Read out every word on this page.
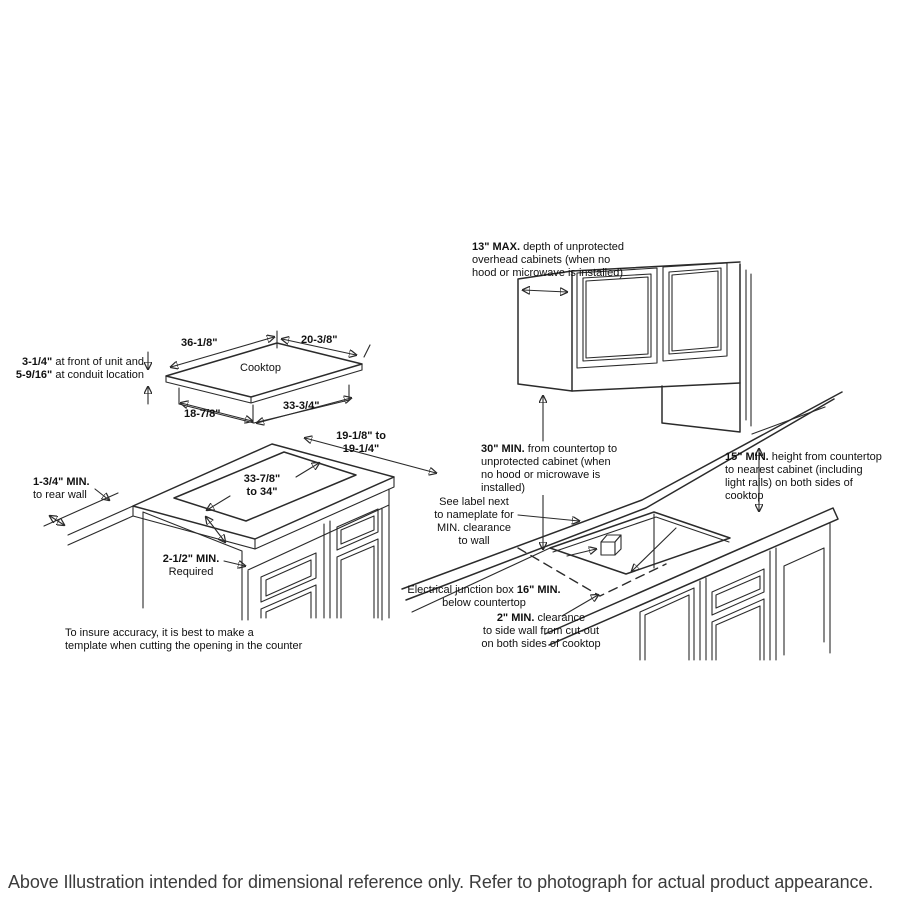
36-1/8"	20-3/8"
3-1/4" at front of unit and
5-9/16" at conduit location
Cooktop
18-7/8"
33-3/4"
19-1/8" to
19-1/4"
33-7/8"
to 34"
1-3/4" MIN.
to rear wall
2-1/2" MIN.
Required
To insure accuracy, it is best to make a
template when cutting the opening in the counter
13" MAX. depth of unprotected
overhead cabinets (when no
hood or microwave is installed)
30" MIN. from countertop to
unprotected cabinet (when
no hood or microwave is
installed)
15" MIN. height from countertop
to nearest cabinet (including
light rails) on both sides of
cooktop
See label next
to nameplate for
MIN. clearance
to wall
Electrical junction box 16" MIN.
below countertop
2" MIN. clearance
to side wall from cut-out
on both sides of cooktop
Above Illustration intended for dimensional reference only. Refer to photograph for actual product appearance.
